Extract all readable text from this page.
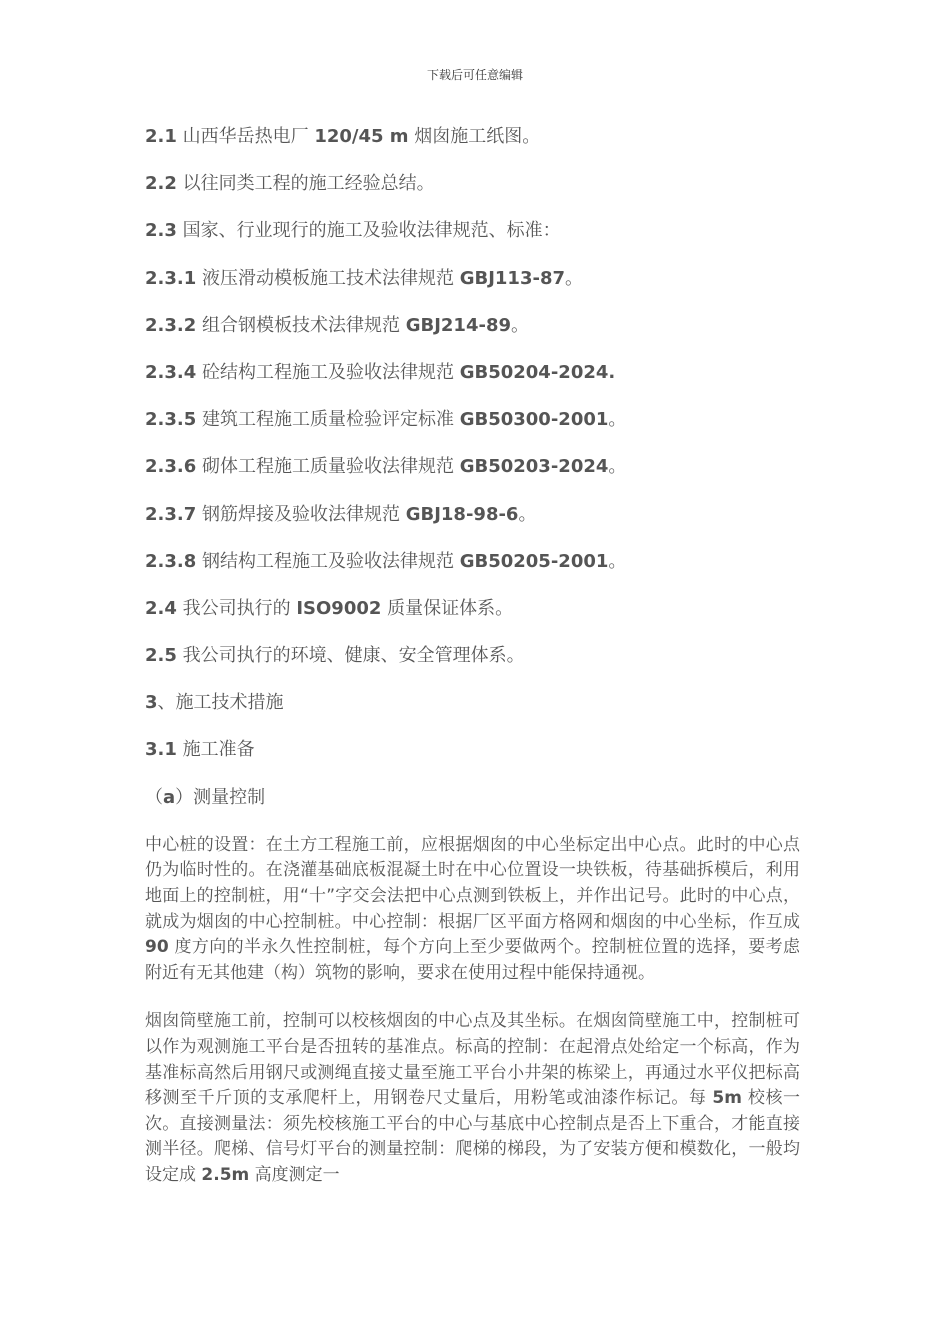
下载后可任意编辑
2.1 山西华岳热电厂 120/45 m 烟囱施工纸图。
2.2 以往同类工程的施工经验总结。
2.3 国家、行业现行的施工及验收法律规范、标准：
2.3.1 液压滑动模板施工技术法律规范 GBJ113-87。
2.3.2 组合钢模板技术法律规范 GBJ214-89。
2.3.4 砼结构工程施工及验收法律规范 GB50204-2024.
2.3.5 建筑工程施工质量检验评定标准 GB50300-2001。
2.3.6 砌体工程施工质量验收法律规范 GB50203-2024。
2.3.7 钢筋焊接及验收法律规范 GBJ18-98-6。
2.3.8 钢结构工程施工及验收法律规范 GB50205-2001。
2.4 我公司执行的 ISO9002 质量保证体系。
2.5 我公司执行的环境、健康、安全管理体系。
3、施工技术措施
3.1 施工准备
（a）测量控制
中心桩的设置：在土方工程施工前，应根据烟囱的中心坐标定出中心点。此时的中心点仍为临时性的。在浇灌基础底板混凝土时在中心位置设一块铁板，待基础拆模后，利用地面上的控制桩，用“十”字交会法把中心点测到铁板上，并作出记号。此时的中心点，就成为烟囱的中心控制桩。中心控制：根据厂区平面方格网和烟囱的中心坐标，作互成 90 度方向的半永久性控制桩，每个方向上至少要做两个。控制桩位置的选择，要考虑附近有无其他建（构）筑物的影响，要求在使用过程中能保持通视。
烟囱筒壁施工前，控制可以校核烟囱的中心点及其坐标。在烟囱筒壁施工中，控制桩可以作为观测施工平台是否扭转的基准点。标高的控制：在起滑点处给定一个标高，作为基准标高然后用钢尺或测绳直接丈量至施工平台小井架的栋梁上，再通过水平仪把标高移测至千斤顶的支承爬杆上，用钢卷尺丈量后，用粉笔或油漆作标记。每 5m 校核一次。直接测量法：须先校核施工平台的中心与基底中心控制点是否上下重合，才能直接测半径。爬梯、信号灯平台的测量控制：爬梯的梯段，为了安装方便和模数化，一般均设定成 2.5m 高度测定一
